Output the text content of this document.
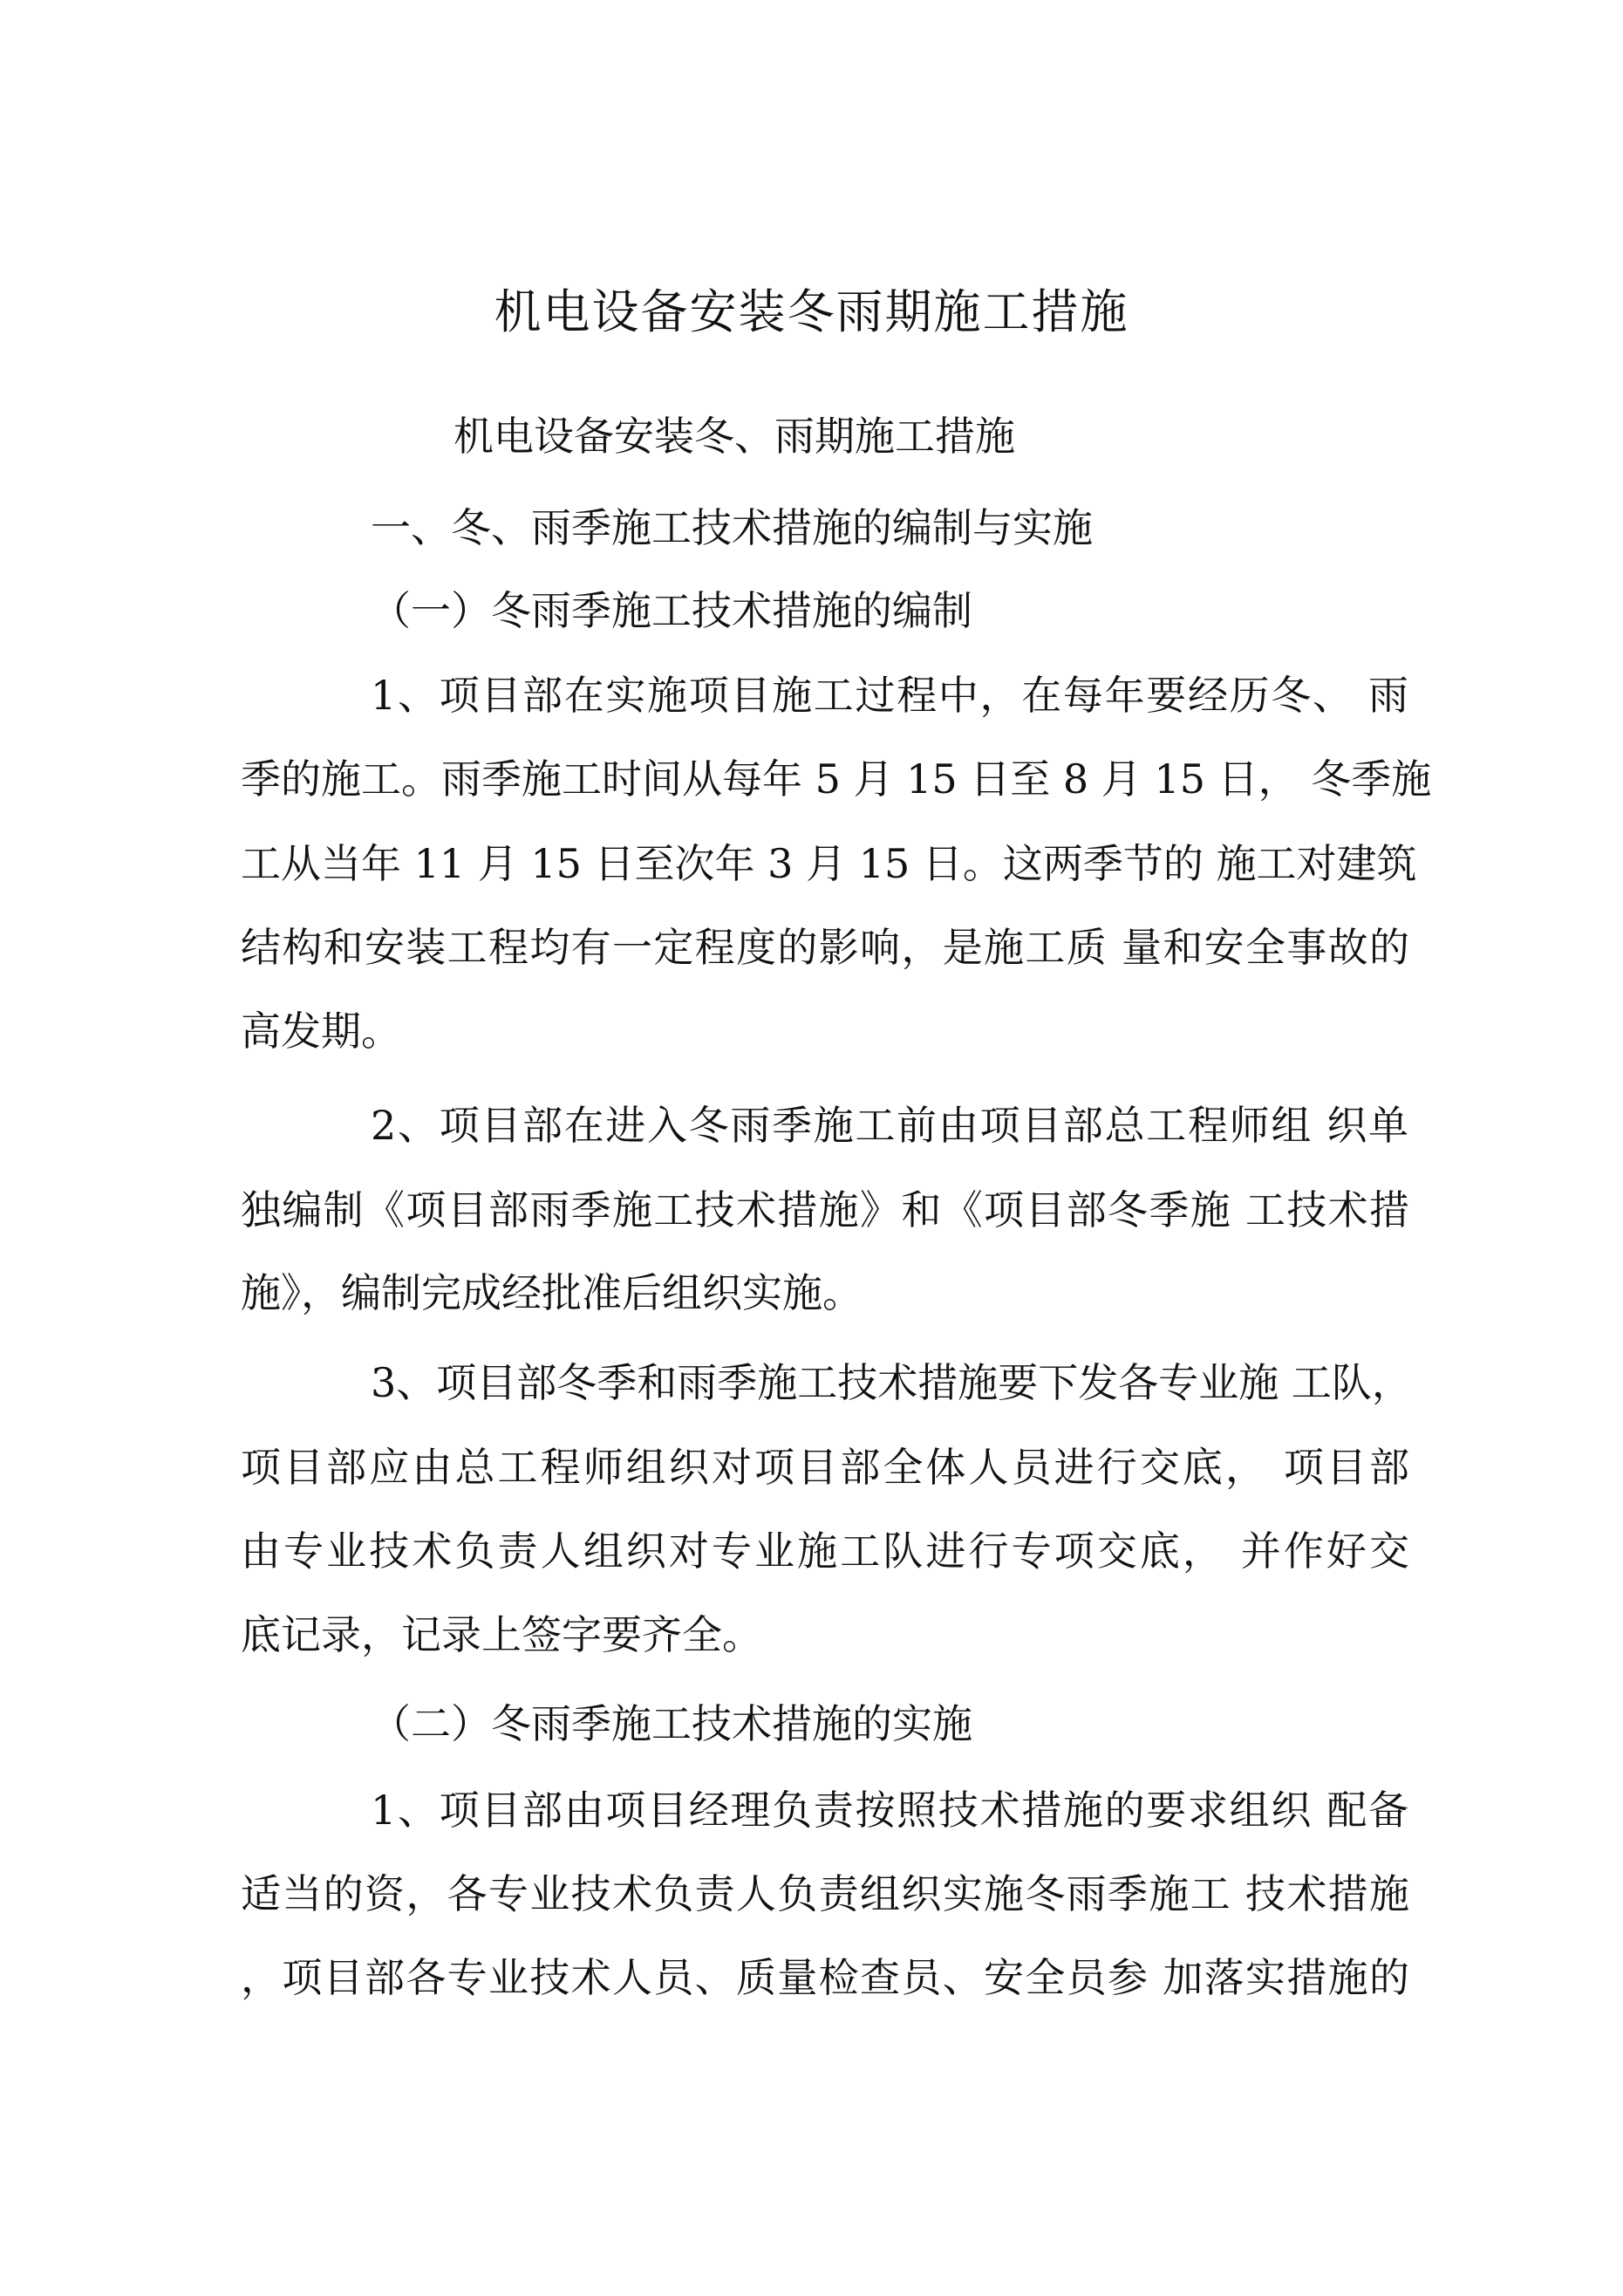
机电设备安装冬雨期施工措施
机电设备安装冬、雨期施工措施
一、冬、雨季施工技术措施的编制与实施
（一）冬雨季施工技术措施的编制
1、项目部在实施项目施工过程中，在每年要经历冬、 雨
季的施工。雨季施工时间从每年 5 月 15 日至 8 月 15 日， 冬季施
工从当年 11 月 15 日至次年 3 月 15 日。这两季节的 施工对建筑
结构和安装工程均有一定程度的影响，是施工质 量和安全事故的
高发期。
2、项目部在进入冬雨季施工前由项目部总工程师组 织单
独编制《项目部雨季施工技术措施》和《项目部冬季施 工技术措
施》，编制完成经批准后组织实施。
3、项目部冬季和雨季施工技术措施要下发各专业施 工队，
项目部应由总工程师组织对项目部全体人员进行交底， 项目部
由专业技术负责人组织对专业施工队进行专项交底， 并作好交
底记录，记录上签字要齐全。
（二）冬雨季施工技术措施的实施
1、项目部由项目经理负责按照技术措施的要求组织 配备
适当的资，各专业技术负责人负责组织实施冬雨季施工 技术措施
，项目部各专业技术人员、质量检查员、安全员参 加落实措施的
